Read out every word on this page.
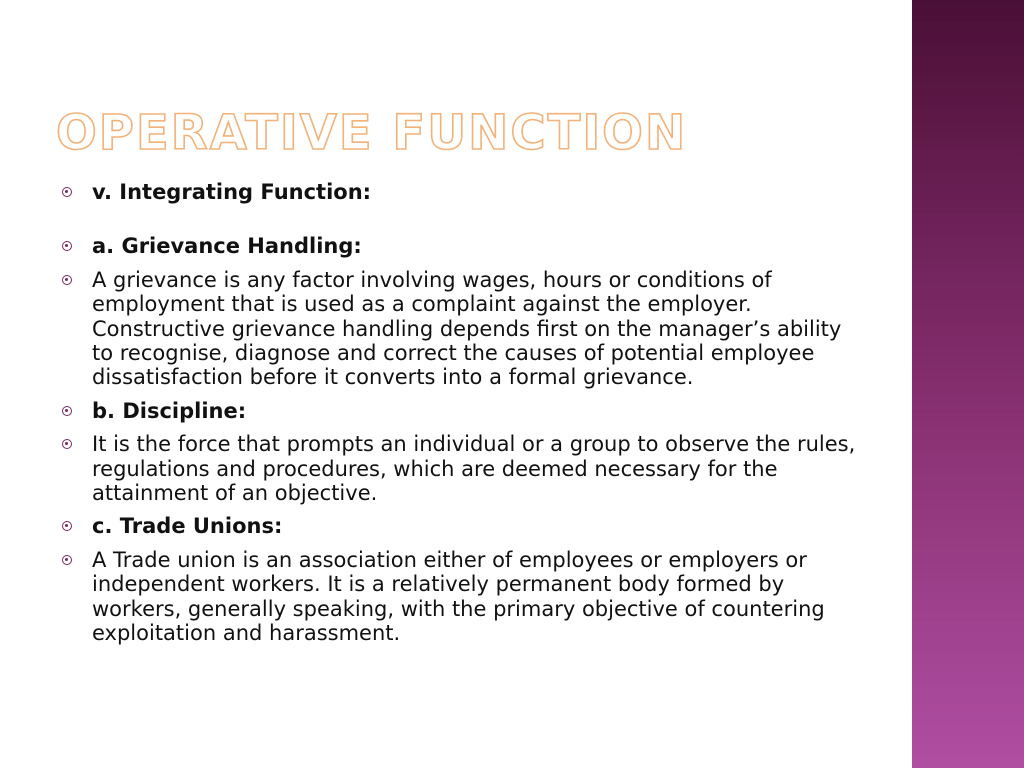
OPERATIVE FUNCTION
v. Integrating Function:
a. Grievance Handling:
A grievance is any factor involving wages, hours or conditions of employment that is used as a complaint against the employer. Constructive grievance handling depends first on the manager’s ability to recognise, diagnose and correct the causes of potential employee dissatisfaction before it converts into a formal grievance.
b. Discipline:
It is the force that prompts an individual or a group to observe the rules, regulations and procedures, which are deemed necessary for the attainment of an objective.
c. Trade Unions:
A Trade union is an association either of employees or employers or independent workers. It is a relatively permanent body formed by workers, generally speaking, with the primary objective of countering exploitation and harassment.
